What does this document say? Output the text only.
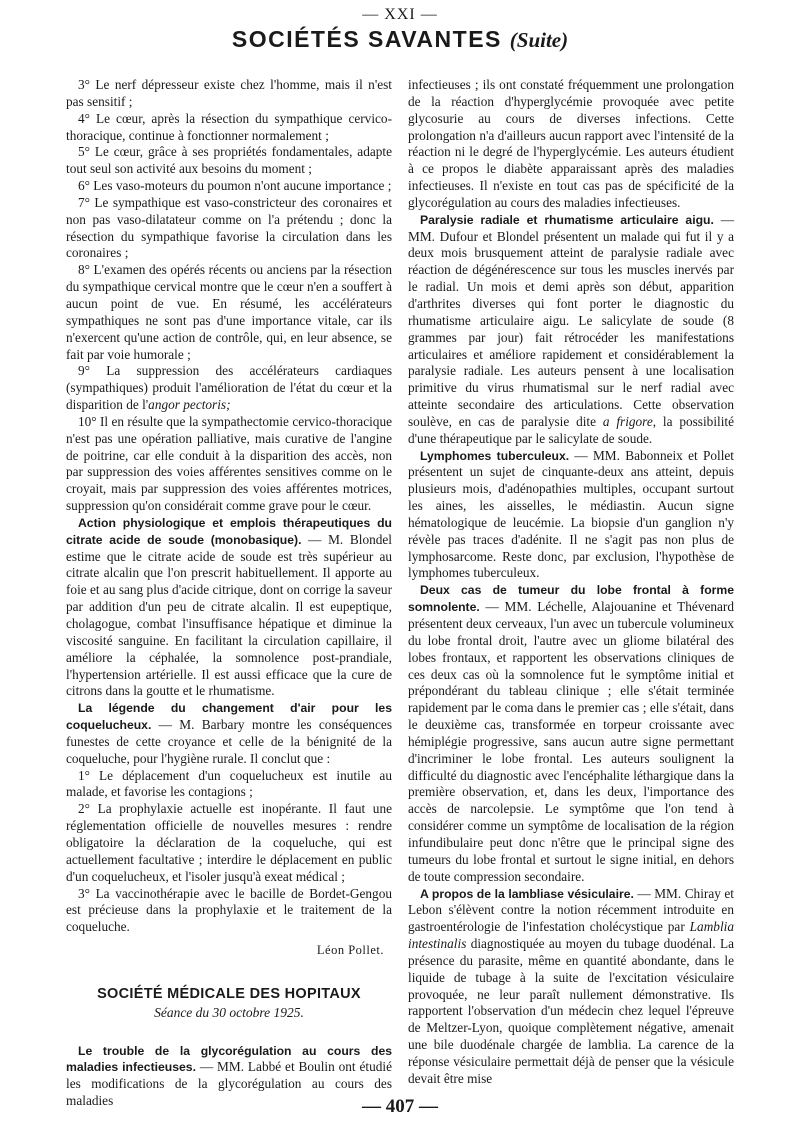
— XXI —
SOCIÉTÉS SAVANTES (Suite)

3° Le nerf dépresseur existe chez l'homme, mais il n'est pas sensitif ;

4° Le cœur, après la résection du sympathique cervico-thoracique, continue à fonctionner normalement ;

5° Le cœur, grâce à ses propriétés fondamentales, adapte tout seul son activité aux besoins du moment ;

6° Les vaso-moteurs du poumon n'ont aucune importance ;

7° Le sympathique est vaso-constricteur des coronaires et non pas vaso-dilatateur comme on l'a prétendu ; donc la résection du sympathique favorise la circulation dans les coronaires ;

8° L'examen des opérés récents ou anciens par la résection du sympathique cervical montre que le cœur n'en a souffert à aucun point de vue. En résumé, les accélérateurs sympathiques ne sont pas d'une importance vitale, car ils n'exercent qu'une action de contrôle, qui, en leur absence, se fait par voie humorale ;

9° La suppression des accélérateurs cardiaques (sympathiques) produit l'amélioration de l'état du cœur et la disparition de l'angor pectoris;

10° Il en résulte que la sympathectomie cervico-thoracique n'est pas une opération palliative, mais curative de l'angine de poitrine, car elle conduit à la disparition des accès, non par suppression des voies afférentes sensitives comme on le croyait, mais par suppression des voies afférentes motrices, suppression qu'on considérait comme grave pour le cœur.

Action physiologique et emplois thérapeutiques du citrate acide de soude (monobasique). — M. Blondel estime que le citrate acide de soude est très supérieur au citrate alcalin que l'on prescrit habituellement. Il apporte au foie et au sang plus d'acide citrique, dont on corrige la saveur par addition d'un peu de citrate alcalin. Il est eupeptique, cholagogue, combat l'insuffisance hépatique et diminue la viscosité sanguine. En facilitant la circulation capillaire, il améliore la céphalée, la somnolence post-prandiale, l'hypertension artérielle. Il est aussi efficace que la cure de citrons dans la goutte et le rhumatisme.

La légende du changement d'air pour les coquelucheux. — M. Barbary montre les conséquences funestes de cette croyance et celle de la bénignité de la coqueluche, pour l'hygiène rurale. Il conclut que :

1° Le déplacement d'un coquelucheux est inutile au malade, et favorise les contagions ;

2° La prophylaxie actuelle est inopérante. Il faut une réglementation officielle de nouvelles mesures : rendre obligatoire la déclaration de la coqueluche, qui est actuellement facultative ; interdire le déplacement en public d'un coquelucheux, et l'isoler jusqu'à exeat médical ;

3° La vaccinothérapie avec le bacille de Bordet-Gengou est précieuse dans la prophylaxie et le traitement de la coqueluche.

Léon Pollet.
SOCIÉTÉ MÉDICALE DES HOPITAUX
Séance du 30 octobre 1925.

Le trouble de la glycorégulation au cours des maladies infectieuses. — MM. Labbé et Boulin ont étudié les modifications de la glycorégulation au cours des maladies

infectieuses ; ils ont constaté fréquemment une prolongation de la réaction d'hyperglycémie provoquée avec petite glycosurie au cours de diverses infections. Cette prolongation n'a d'ailleurs aucun rapport avec l'intensité de la réaction ni le degré de l'hyperglycémie. Les auteurs étudient à ce propos le diabète apparaissant après des maladies infectieuses. Il n'existe en tout cas pas de spécificité de la glycorégulation au cours des maladies infectieuses.

Paralysie radiale et rhumatisme articulaire aigu. — MM. Dufour et Blondel présentent un malade qui fut il y a deux mois brusquement atteint de paralysie radiale avec réaction de dégénérescence sur tous les muscles inervés par le radial. Un mois et demi après son début, apparition d'arthrites diverses qui font porter le diagnostic du rhumatisme articulaire aigu. Le salicylate de soude (8 grammes par jour) fait rétrocéder les manifestations articulaires et améliore rapidement et considérablement la paralysie radiale. Les auteurs pensent à une localisation primitive du virus rhumatismal sur le nerf radial avec atteinte secondaire des articulations. Cette observation soulève, en cas de paralysie dite a frigore, la possibilité d'une thérapeutique par le salicylate de soude.

Lymphomes tuberculeux. — MM. Babonneix et Pollet présentent un sujet de cinquante-deux ans atteint, depuis plusieurs mois, d'adénopathies multiples, occupant surtout les aines, les aisselles, le médiastin. Aucun signe hématologique de leucémie. La biopsie d'un ganglion n'y révèle pas traces d'adénite. Il ne s'agit pas non plus de lymphosarcome. Reste donc, par exclusion, l'hypothèse de lymphomes tuberculeux.

Deux cas de tumeur du lobe frontal à forme somnolente. — MM. Léchelle, Alajouanine et Thévenard présentent deux cerveaux, l'un avec un tubercule volumineux du lobe frontal droit, l'autre avec un gliome bilatéral des lobes frontaux, et rapportent les observations cliniques de ces deux cas où la somnolence fut le symptôme initial et prépondérant du tableau clinique ; elle s'était terminée rapidement par le coma dans le premier cas ; elle s'était, dans le deuxième cas, transformée en torpeur croissante avec hémiplégie progressive, sans aucun autre signe permettant d'incriminer le lobe frontal. Les auteurs soulignent la difficulté du diagnostic avec l'encéphalite léthargique dans la première observation, et, dans les deux, l'importance des accès de narcolepsie. Le symptôme que l'on tend à considérer comme un symptôme de localisation de la région infundibulaire peut donc n'être que le principal signe des tumeurs du lobe frontal et surtout le signe initial, en dehors de toute compression secondaire.

A propos de la lambliase vésiculaire. — MM. Chiray et Lebon s'élèvent contre la notion récemment introduite en gastroentérologie de l'infestation cholécystique par Lamblia intestinalis diagnostiquée au moyen du tubage duodénal. La présence du parasite, même en quantité abondante, dans le liquide de tubage à la suite de l'excitation vésiculaire provoquée, ne leur paraît nullement démonstrative. Ils rapportent l'observation d'un médecin chez lequel l'épreuve de Meltzer-Lyon, quoique complètement négative, amenait une bile duodénale chargée de lamblia. La carence de la réponse vésiculaire permettait déjà de penser que la vésicule devait être mise

— 407 —
